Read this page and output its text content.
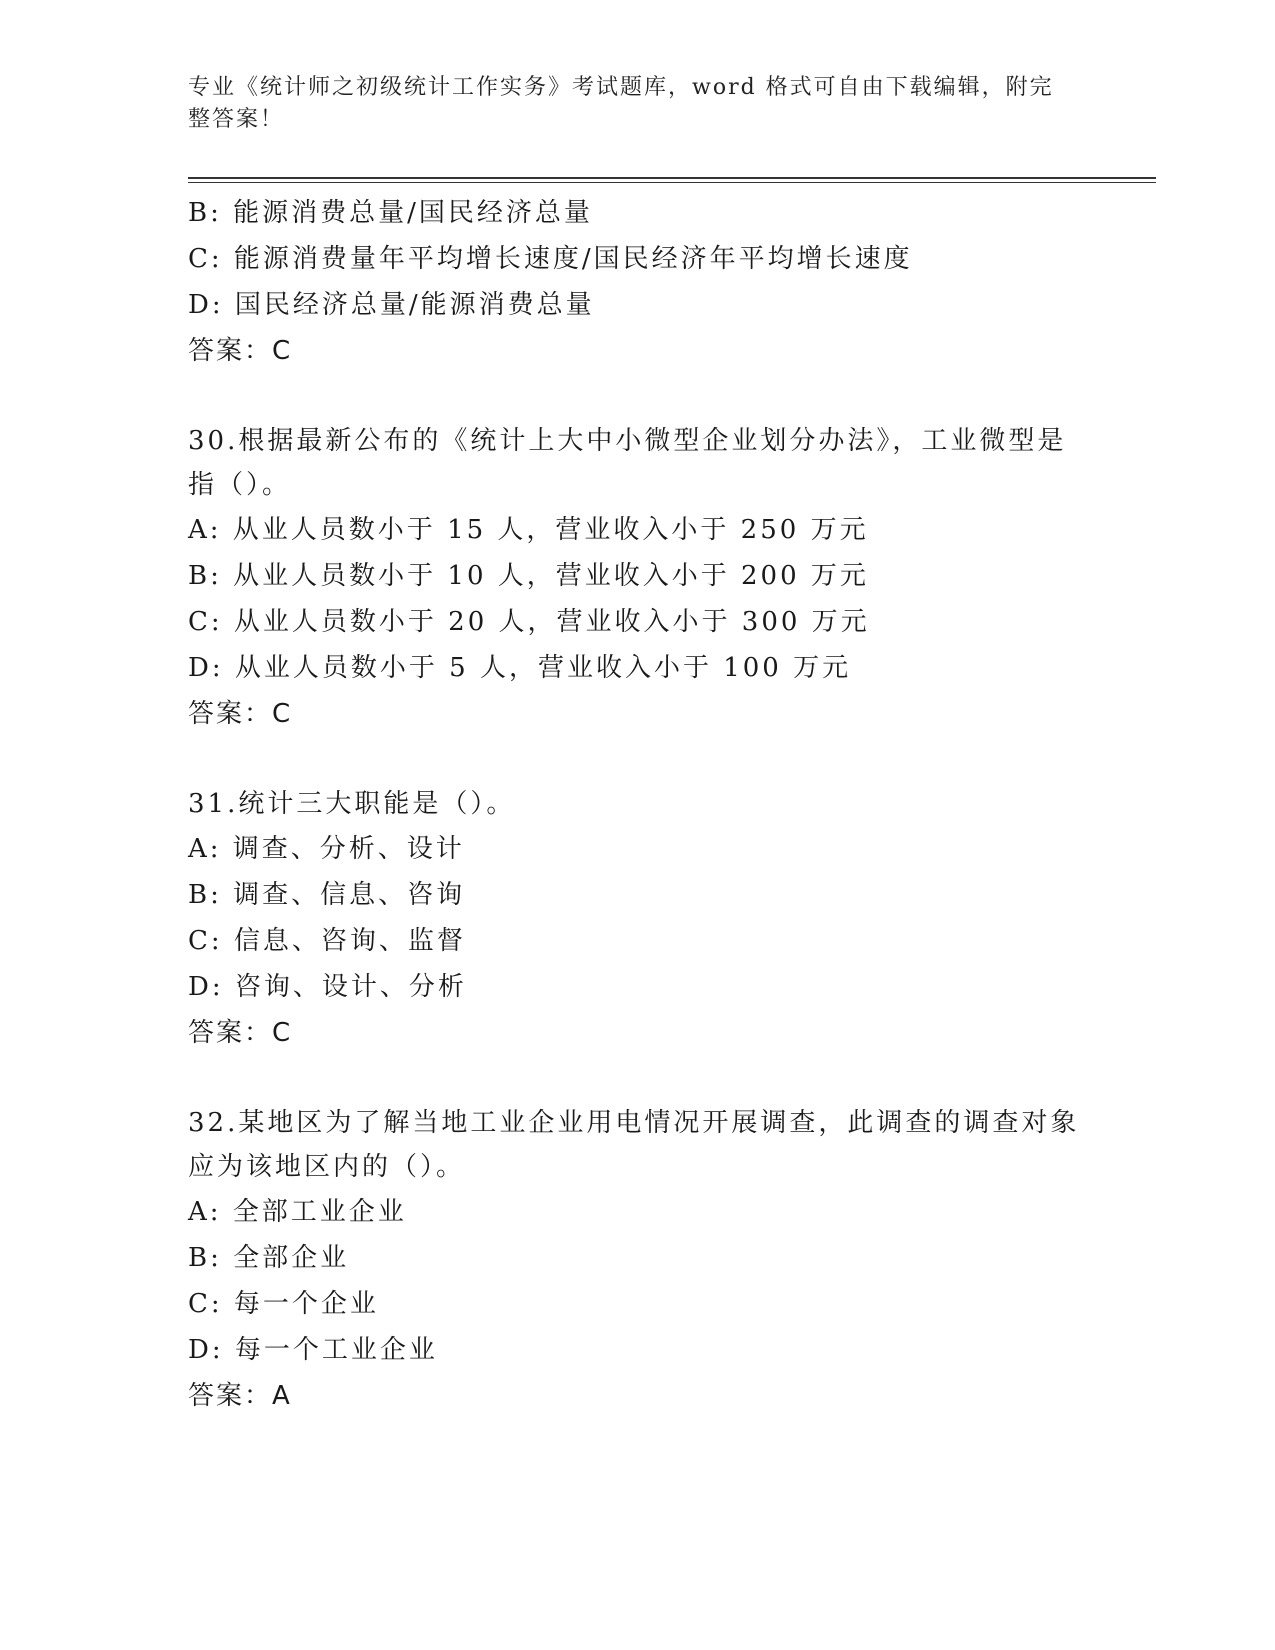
专业《统计师之初级统计工作实务》考试题库，word 格式可自由下载编辑，附完整答案！
B: 能源消费总量/国民经济总量
C: 能源消费量年平均增长速度/国民经济年平均增长速度
D: 国民经济总量/能源消费总量
答案：C
30.根据最新公布的《统计上大中小微型企业划分办法》，工业微型是指（）。
A: 从业人员数小于 15 人，营业收入小于 250 万元
B: 从业人员数小于 10 人，营业收入小于 200 万元
C: 从业人员数小于 20 人，营业收入小于 300 万元
D: 从业人员数小于 5 人，营业收入小于 100 万元
答案：C
31.统计三大职能是（）。
A: 调查、分析、设计
B: 调查、信息、咨询
C: 信息、咨询、监督
D: 咨询、设计、分析
答案：C
32.某地区为了解当地工业企业用电情况开展调查，此调查的调查对象应为该地区内的（）。
A: 全部工业企业
B: 全部企业
C: 每一个企业
D: 每一个工业企业
答案：A
